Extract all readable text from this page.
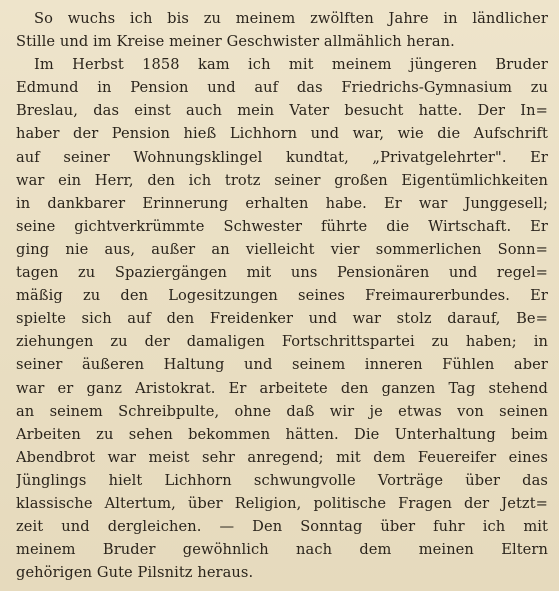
So wuchs ich bis zu meinem zwölften Jahre in ländlicher
Stille und im Kreise meiner Geschwister allmählich heran.
Im Herbst 1858 kam ich mit meinem jüngeren Bruder
Edmund in Pension und auf das Friedrichs-Gymnasium zu
Breslau, das einst auch mein Vater besucht hatte. Der In=
haber der Pension hieß Lichhorn und war, wie die Aufschrift
auf seiner Wohnungsklingel kundtat, „Privatgelehrter". Er
war ein Herr, den ich trotz seiner großen Eigentümlichkeiten
in dankbarer Erinnerung erhalten habe. Er war Junggesell;
seine gichtverkrümmte Schwester führte die Wirtschaft. Er
ging nie aus, außer an vielleicht vier sommerlichen Sonn=
tagen zu Spaziergängen mit uns Pensionären und regel=
mäßig zu den Logesitzungen seines Freimaurerbundes. Er
spielte sich auf den Freidenker und war stolz darauf, Be=
ziehungen zu der damaligen Fortschrittspartei zu haben; in
seiner äußeren Haltung und seinem inneren Fühlen aber
war er ganz Aristokrat. Er arbeitete den ganzen Tag stehend
an seinem Schreibpulte, ohne daß wir je etwas von seinen
Arbeiten zu sehen bekommen hätten. Die Unterhaltung beim
Abendbrot war meist sehr anregend; mit dem Feuereifer eines
Jünglings hielt Lichhorn schwungvolle Vorträge über das
klassische Altertum, über Religion, politische Fragen der Jetzt=
zeit und dergleichen. — Den Sonntag über fuhr ich mit
meinem Bruder gewöhnlich nach dem meinen Eltern
gehörigen Gute Pilsnitz heraus.
